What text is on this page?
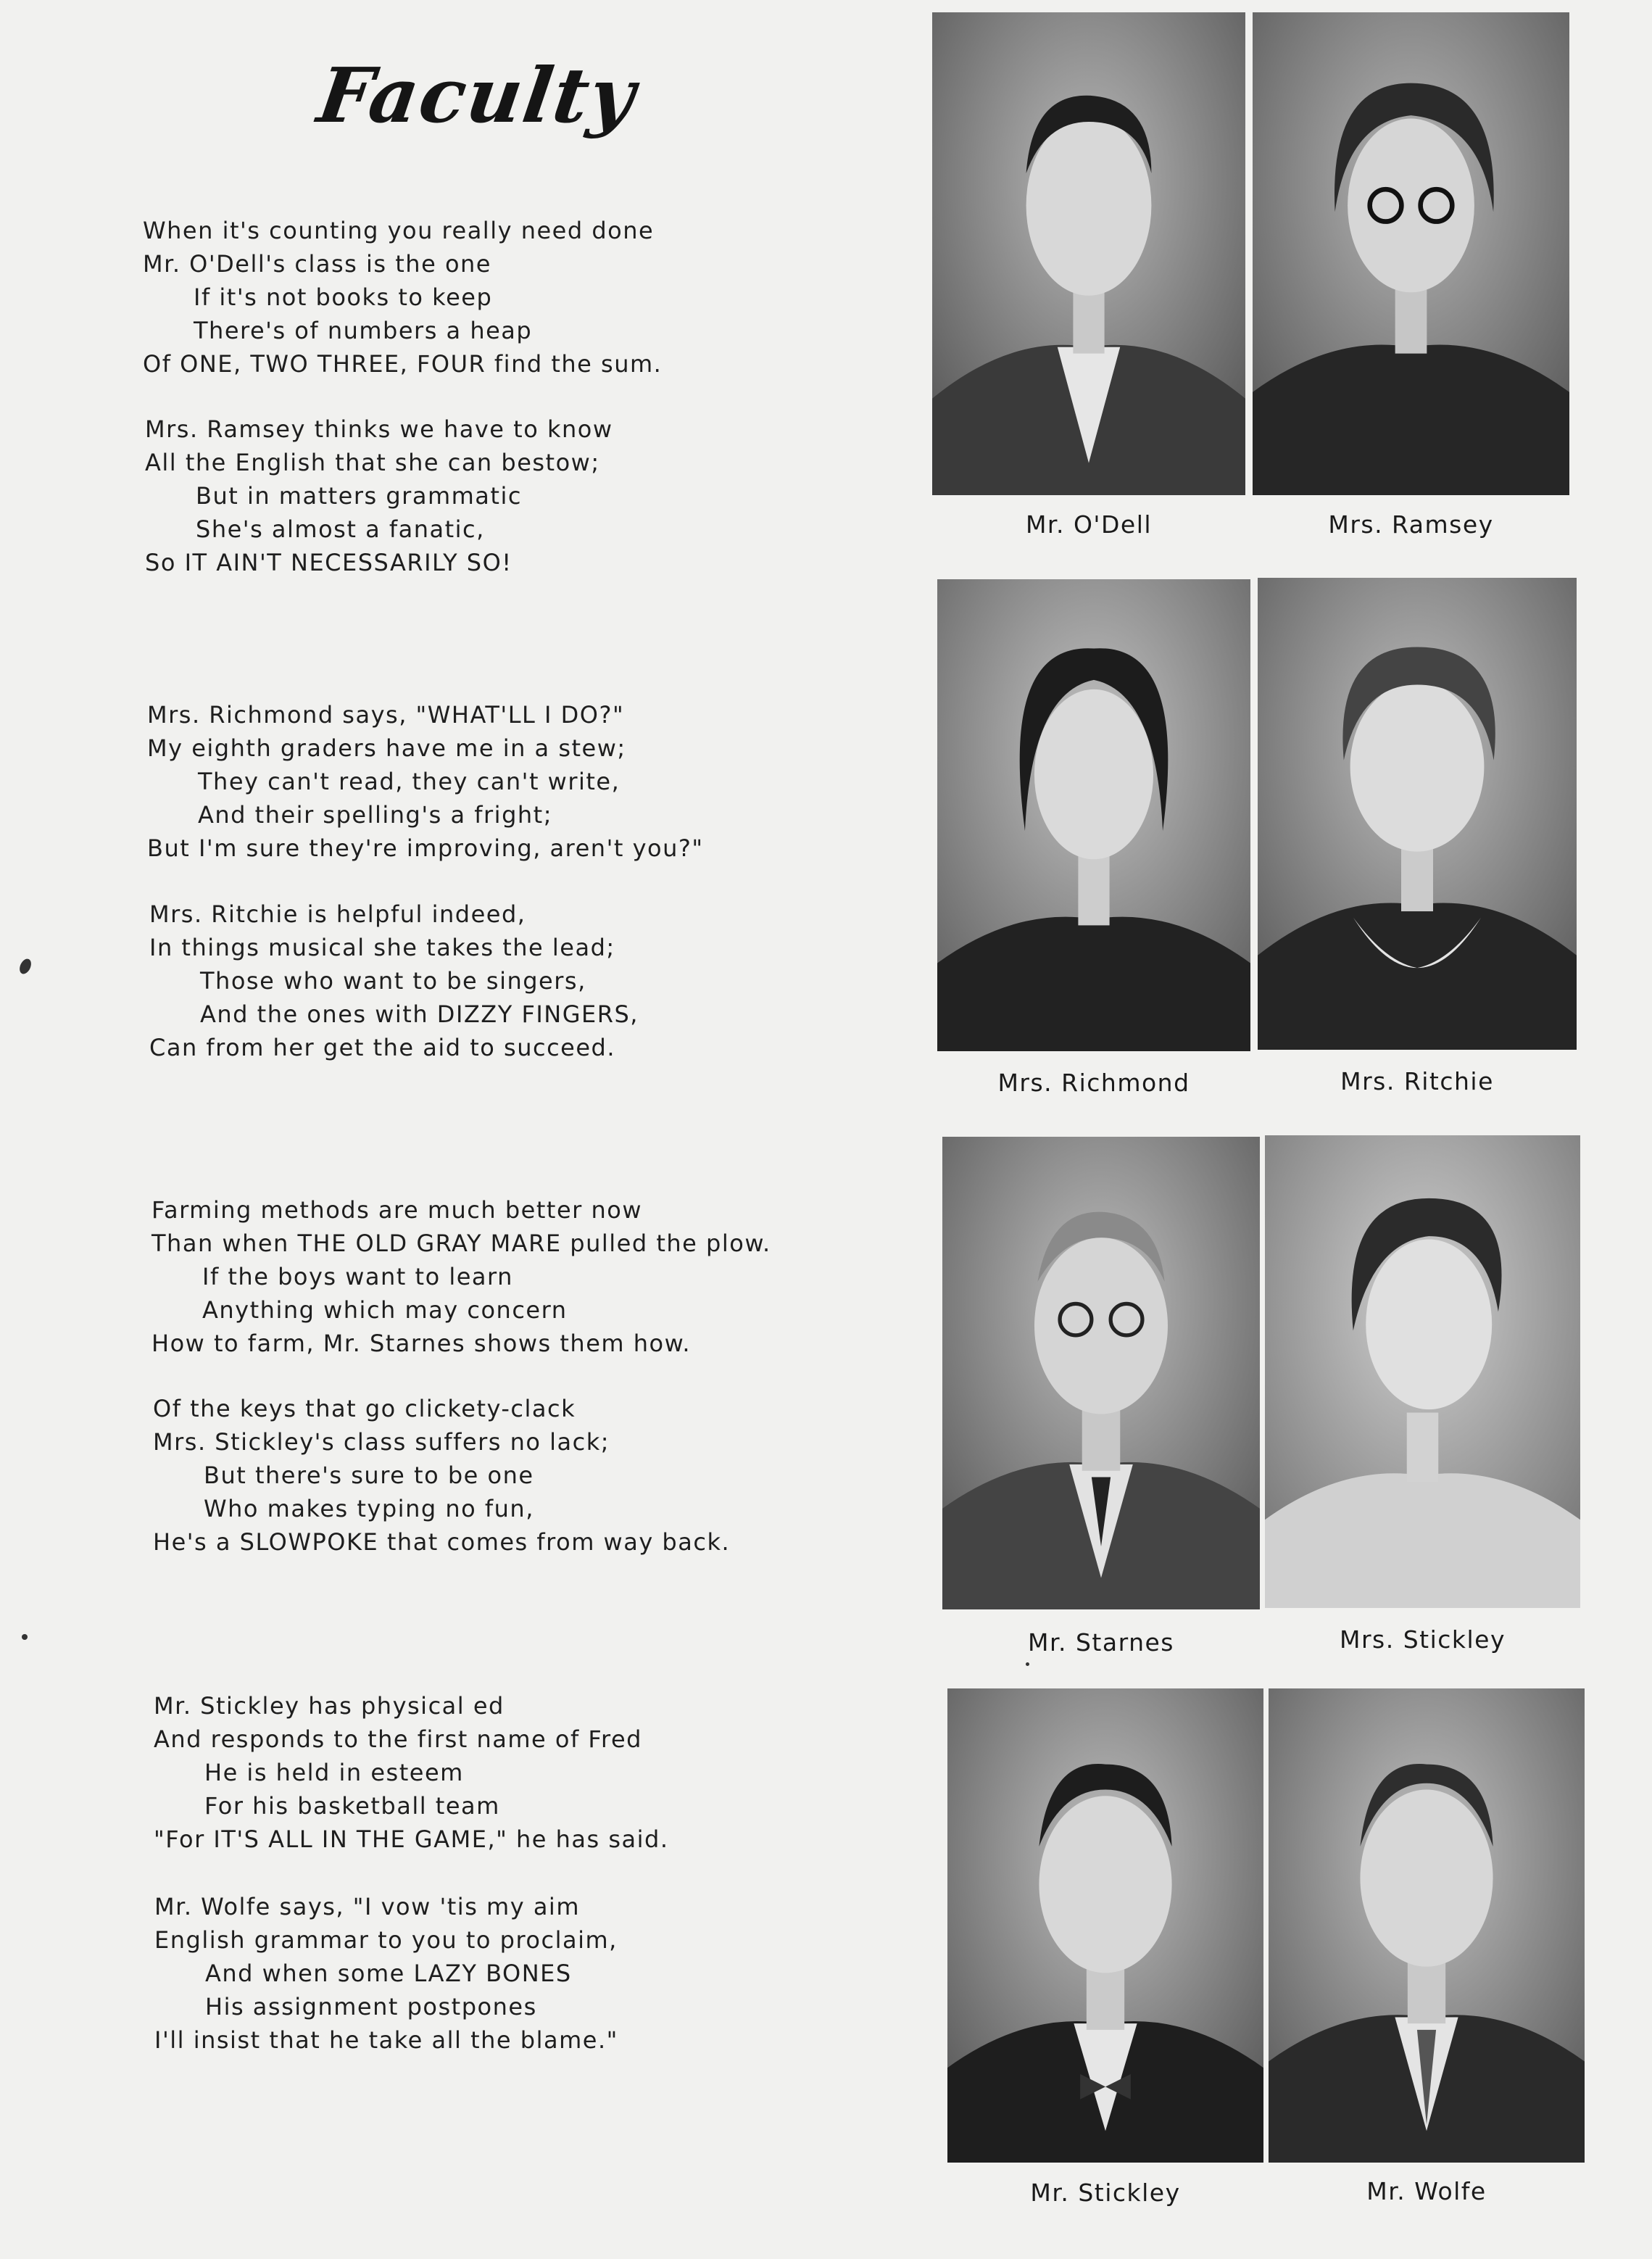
Faculty
When it's counting you really need done
Mr. O'Dell's class is the one
If it's not books to keep
There's of numbers a heap
Of ONE, TWO THREE, FOUR find the sum.
Mrs. Ramsey thinks we have to know
All the English that she can bestow;
But in matters grammatic
She's almost a fanatic,
So IT AIN'T NECESSARILY SO!
Mrs. Richmond says, "WHAT'LL I DO?"
My eighth graders have me in a stew;
They can't read, they can't write,
And their spelling's a fright;
But I'm sure they're improving, aren't you?"
Mrs. Ritchie is helpful indeed,
In things musical she takes the lead;
Those who want to be singers,
And the ones with DIZZY FINGERS,
Can from her get the aid to succeed.
Farming methods are much better now
Than when THE OLD GRAY MARE pulled the plow.
If the boys want to learn
Anything which may concern
How to farm, Mr. Starnes shows them how.
Of the keys that go clickety-clack
Mrs. Stickley's class suffers no lack;
But there's sure to be one
Who makes typing no fun,
He's a SLOWPOKE that comes from way back.
Mr. Stickley has physical ed
And responds to the first name of Fred
He is held in esteem
For his basketball team
"For IT'S ALL IN THE GAME," he has said.
Mr. Wolfe says, "I vow 'tis my aim
English grammar to you to proclaim,
And when some LAZY BONES
His assignment postpones
I'll insist that he take all the blame."
Mr. O'Dell	Mrs. Ramsey
Mrs. Richmond	Mrs. Ritchie
Mr. Starnes	Mrs. Stickley
Mr. Stickley	Mr. Wolfe
